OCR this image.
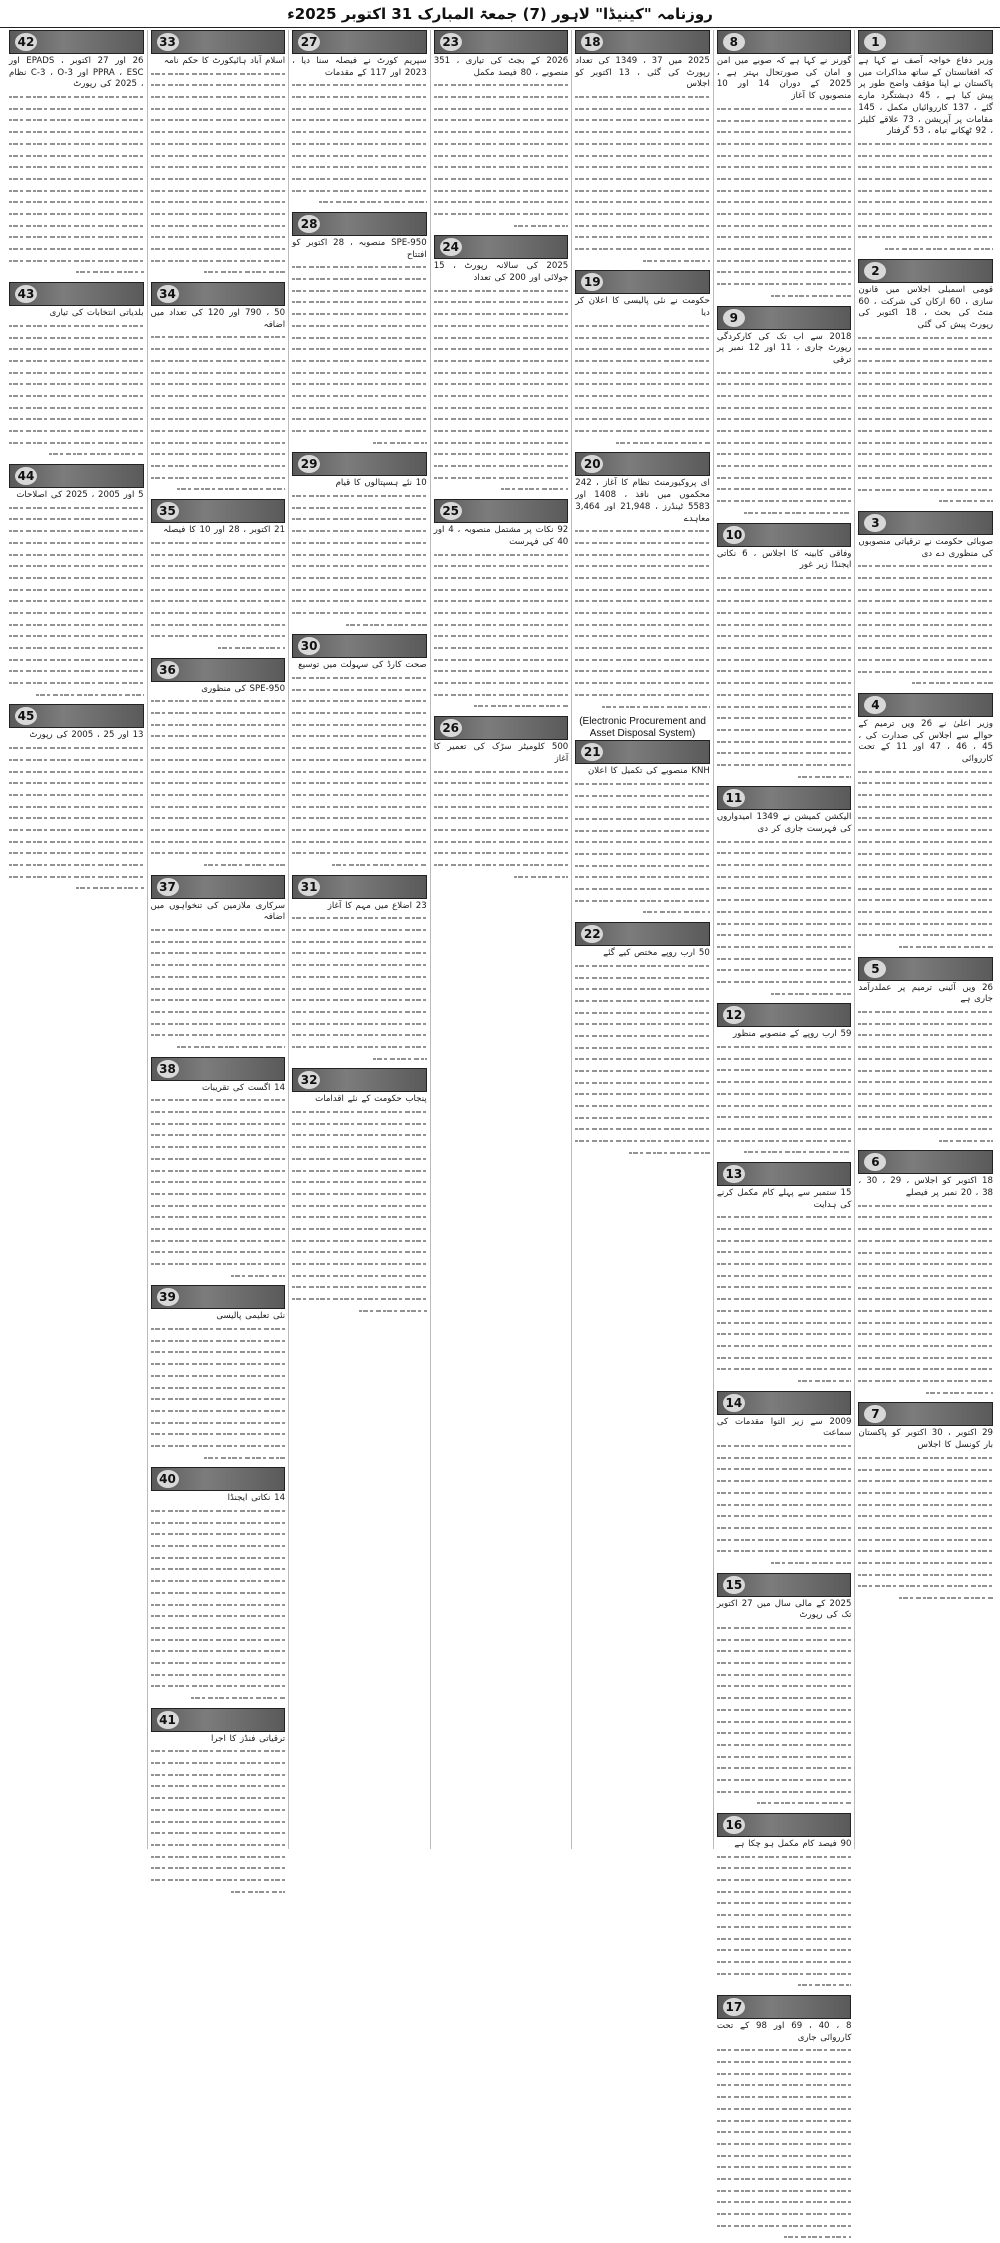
روزنامہ "کینیڈا" لاہور (7) جمعۃ المبارک 31 اکتوبر 2025ء
1
وزیر دفاع خواجہ آصف نے کہا ہے کہ افغانستان کے ساتھ مذاکرات میں پاکستان نے اپنا مؤقف واضح طور پر پیش کیا ہے ، 45 دہشتگرد مارے گئے ، 137 کارروائیاں مکمل ، 145 مقامات پر آپریشن ، 73 علاقے کلیئر ، 92 ٹھکانے تباہ ، 53 گرفتار
2
قومی اسمبلی اجلاس میں قانون سازی ، 60 ارکان کی شرکت ، 60 منٹ کی بحث ، 18 اکتوبر کی رپورٹ پیش کی گئی
3
صوبائی حکومت نے ترقیاتی منصوبوں کی منظوری دے دی
4
وزیر اعلیٰ نے 26 ویں ترمیم کے حوالے سے اجلاس کی صدارت کی ، 45 ، 46 ، 47 اور 11 کے تحت کارروائی
5
26 ویں آئینی ترمیم پر عملدرآمد جاری ہے
6
18 اکتوبر کو اجلاس ، 29 ، 30 ، 38 ، 20 نمبر پر فیصلے
7
29 اکتوبر ، 30 اکتوبر کو پاکستان بار کونسل کا اجلاس
8
گورنر نے کہا ہے کہ صوبے میں امن و امان کی صورتحال بہتر ہے ، 2025 کے دوران 14 اور 10 منصوبوں کا آغاز
9
2018 سے اب تک کی کارکردگی رپورٹ جاری ، 11 اور 12 نمبر پر ترقی
10
وفاقی کابینہ کا اجلاس ، 6 نکاتی ایجنڈا زیر غور
11
الیکشن کمیشن نے 1349 امیدواروں کی فہرست جاری کر دی
12
59 ارب روپے کے منصوبے منظور
13
15 ستمبر سے پہلے کام مکمل کرنے کی ہدایت
14
2009 سے زیر التوا مقدمات کی سماعت
15
2025 کے مالی سال میں 27 اکتوبر تک کی رپورٹ
16
90 فیصد کام مکمل ہو چکا ہے
17
8 ، 40 ، 69 اور 98 کے تحت کارروائی جاری
18
2025 میں 37 ، 1349 کی تعداد رپورٹ کی گئی ، 13 اکتوبر کو اجلاس
19
حکومت نے نئی پالیسی کا اعلان کر دیا
20
ای پروکیورمنٹ نظام کا آغاز ، 242 محکموں میں نافذ ، 1408 اور 5583 ٹینڈرز ، 21,948 اور 3,464 معاہدے
(Electronic Procurement and Asset Disposal System)
21
KNH منصوبے کی تکمیل کا اعلان
22
50 ارب روپے مختص کیے گئے
23
2026 کے بجٹ کی تیاری ، 351 منصوبے ، 80 فیصد مکمل
24
2025 کی سالانہ رپورٹ ، 15 جولائی اور 200 کی تعداد
25
92 نکات پر مشتمل منصوبہ ، 4 اور 40 کی فہرست
26
500 کلومیٹر سڑک کی تعمیر کا آغاز
27
سپریم کورٹ نے فیصلہ سنا دیا ، 2023 اور 117 کے مقدمات
28
SPE-950 منصوبہ ، 28 اکتوبر کو افتتاح
29
10 نئے ہسپتالوں کا قیام
30
صحت کارڈ کی سہولت میں توسیع
31
23 اضلاع میں مہم کا آغاز
32
پنجاب حکومت کے نئے اقدامات
33
اسلام آباد ہائیکورٹ کا حکم نامہ
34
50 ، 790 اور 120 کی تعداد میں اضافہ
35
21 اکتوبر ، 28 اور 10 کا فیصلہ
36
SPE-950 کی منظوری
37
سرکاری ملازمین کی تنخواہوں میں اضافہ
38
14 اگست کی تقریبات
39
نئی تعلیمی پالیسی
40
14 نکاتی ایجنڈا
41
ترقیاتی فنڈز کا اجرا
42
26 اور 27 اکتوبر ، EPADS اور PPRA ، ESC اور C-3 ، O-3 نظام ، 2025 کی رپورٹ
43
بلدیاتی انتخابات کی تیاری
44
5 اور 2005 ، 2025 کی اصلاحات
45
13 اور 25 ، 2005 کی رپورٹ
